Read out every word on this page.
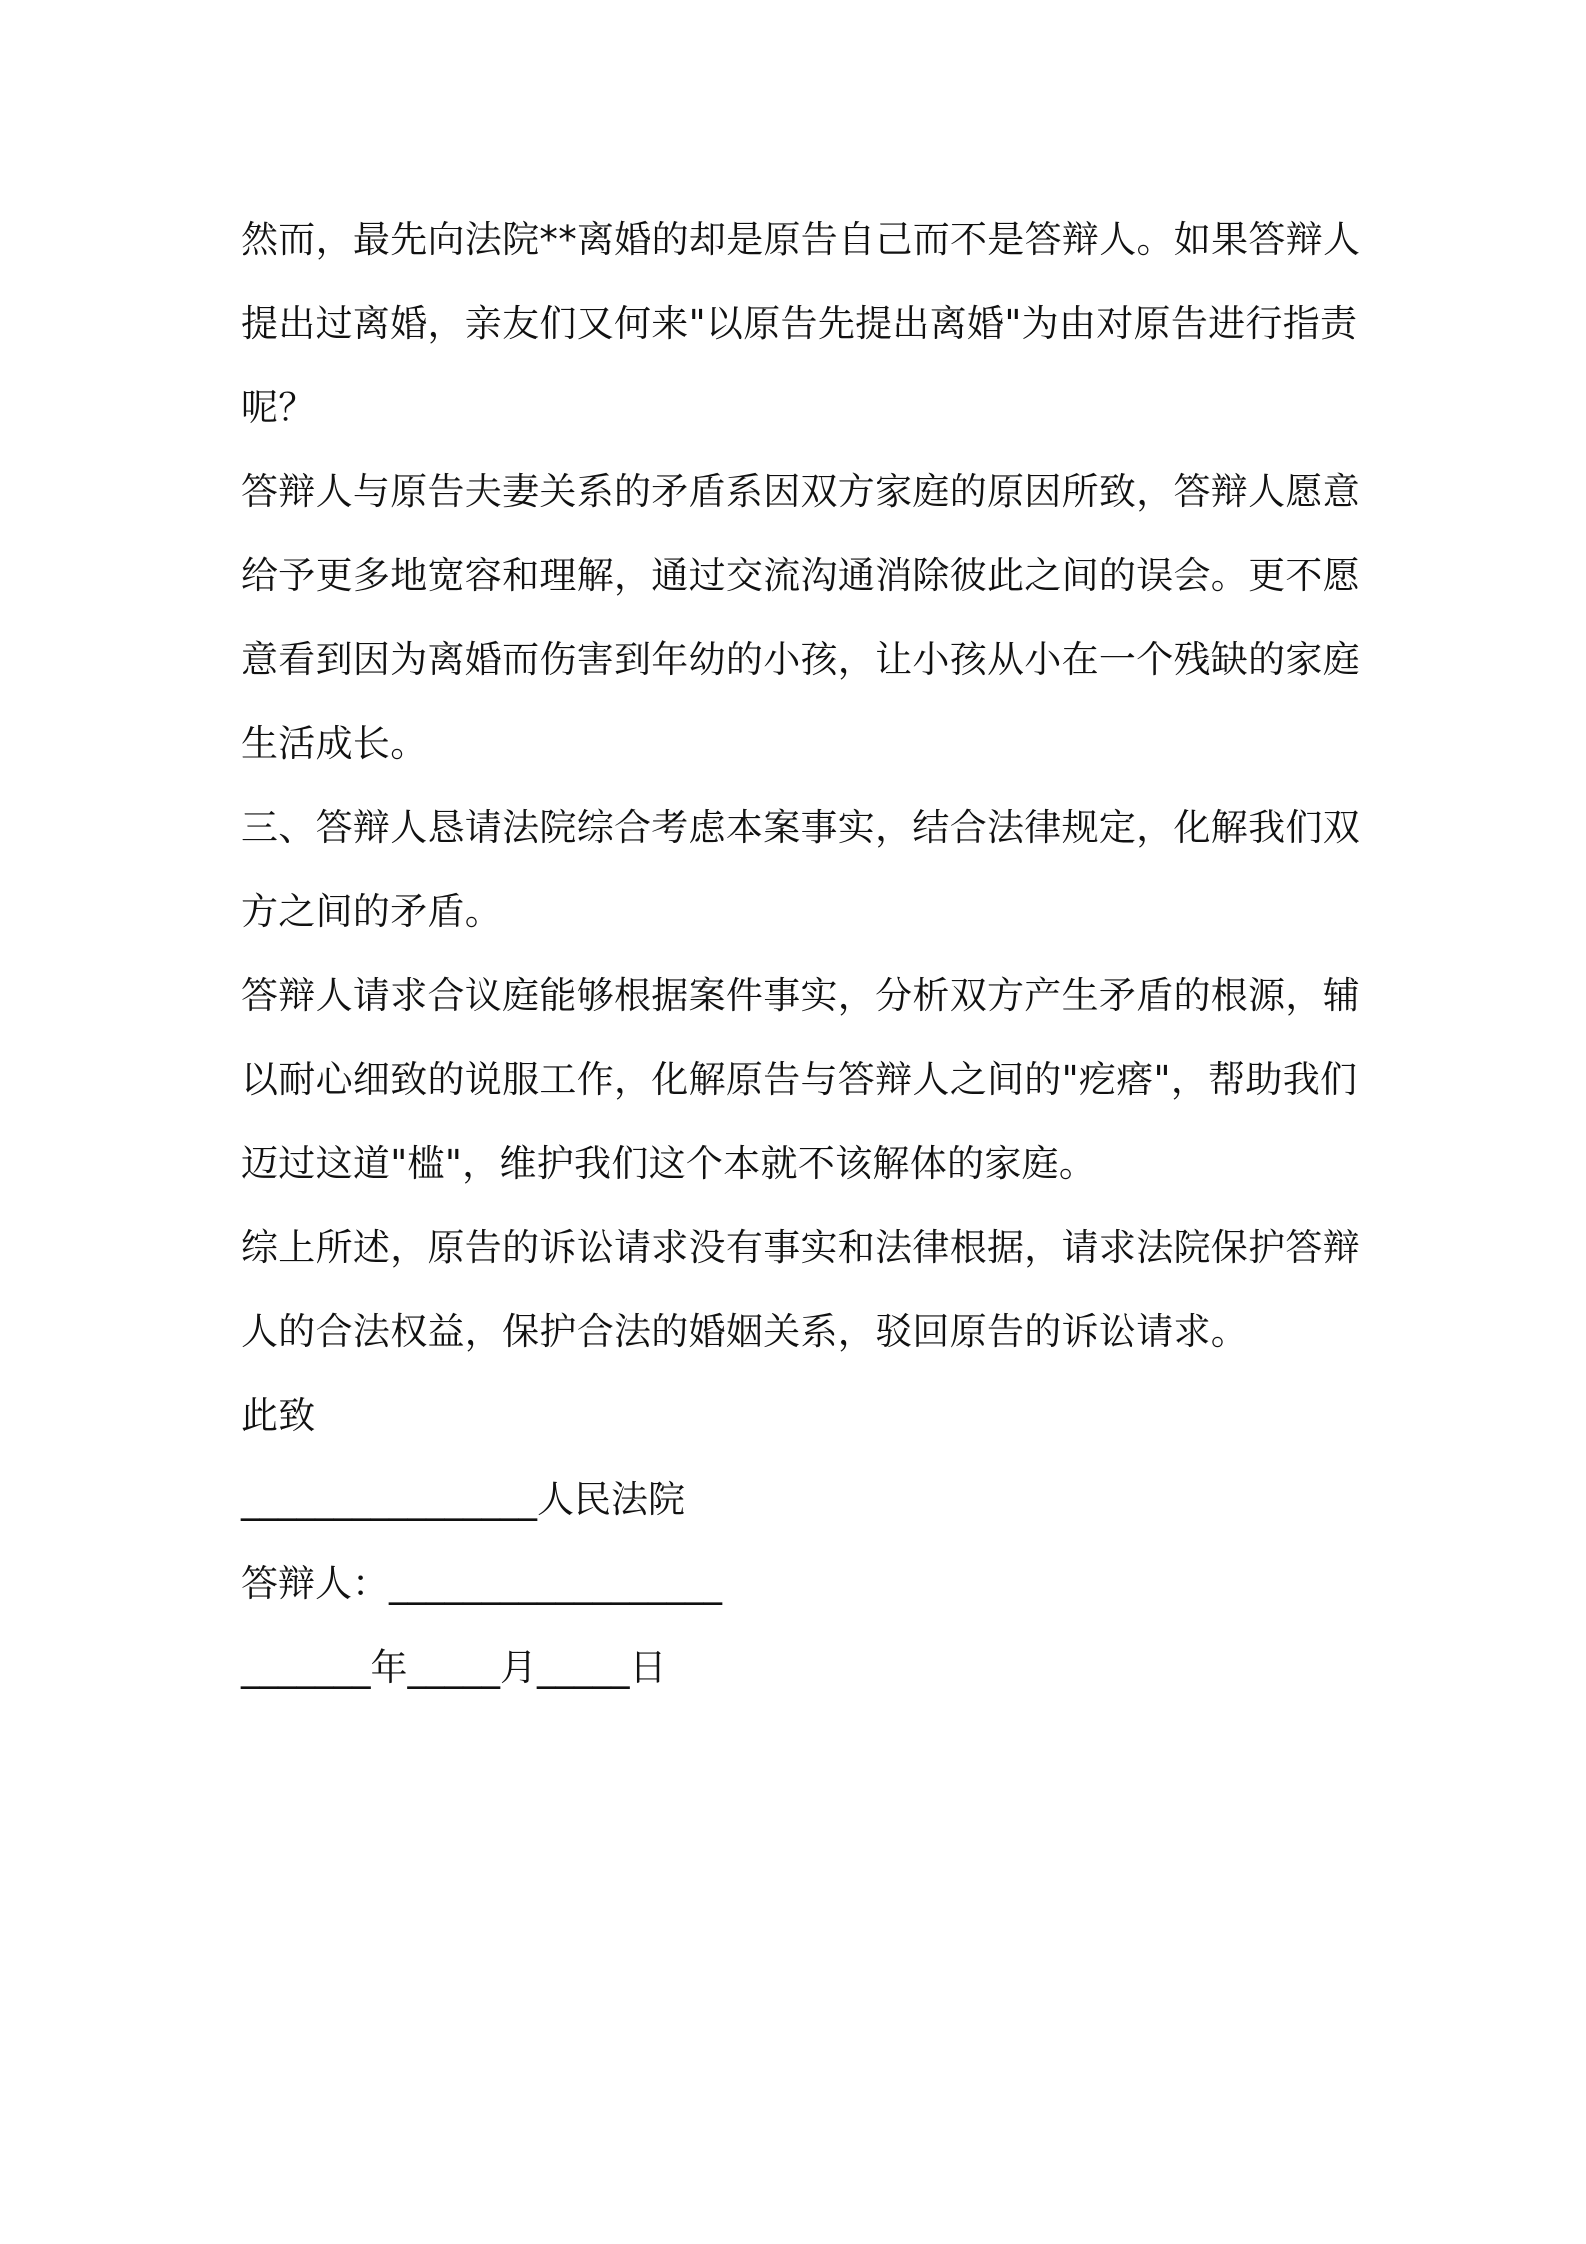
然而，最先向法院**离婚的却是原告自己而不是答辩人。如果答辩人提出过离婚，亲友们又何来"以原告先提出离婚"为由对原告进行指责呢？

答辩人与原告夫妻关系的矛盾系因双方家庭的原因所致，答辩人愿意给予更多地宽容和理解，通过交流沟通消除彼此之间的误会。更不愿意看到因为离婚而伤害到年幼的小孩，让小孩从小在一个残缺的家庭生活成长。

三、答辩人恳请法院综合考虑本案事实，结合法律规定，化解我们双方之间的矛盾。

答辩人请求合议庭能够根据案件事实，分析双方产生矛盾的根源，辅以耐心细致的说服工作，化解原告与答辩人之间的"疙瘩"，帮助我们迈过这道"槛"，维护我们这个本就不该解体的家庭。

综上所述，原告的诉讼请求没有事实和法律根据，请求法院保护答辩人的合法权益，保护合法的婚姻关系，驳回原告的诉讼请求。

此致

________________人民法院

答辩人：__________________

_______年_____月_____日
